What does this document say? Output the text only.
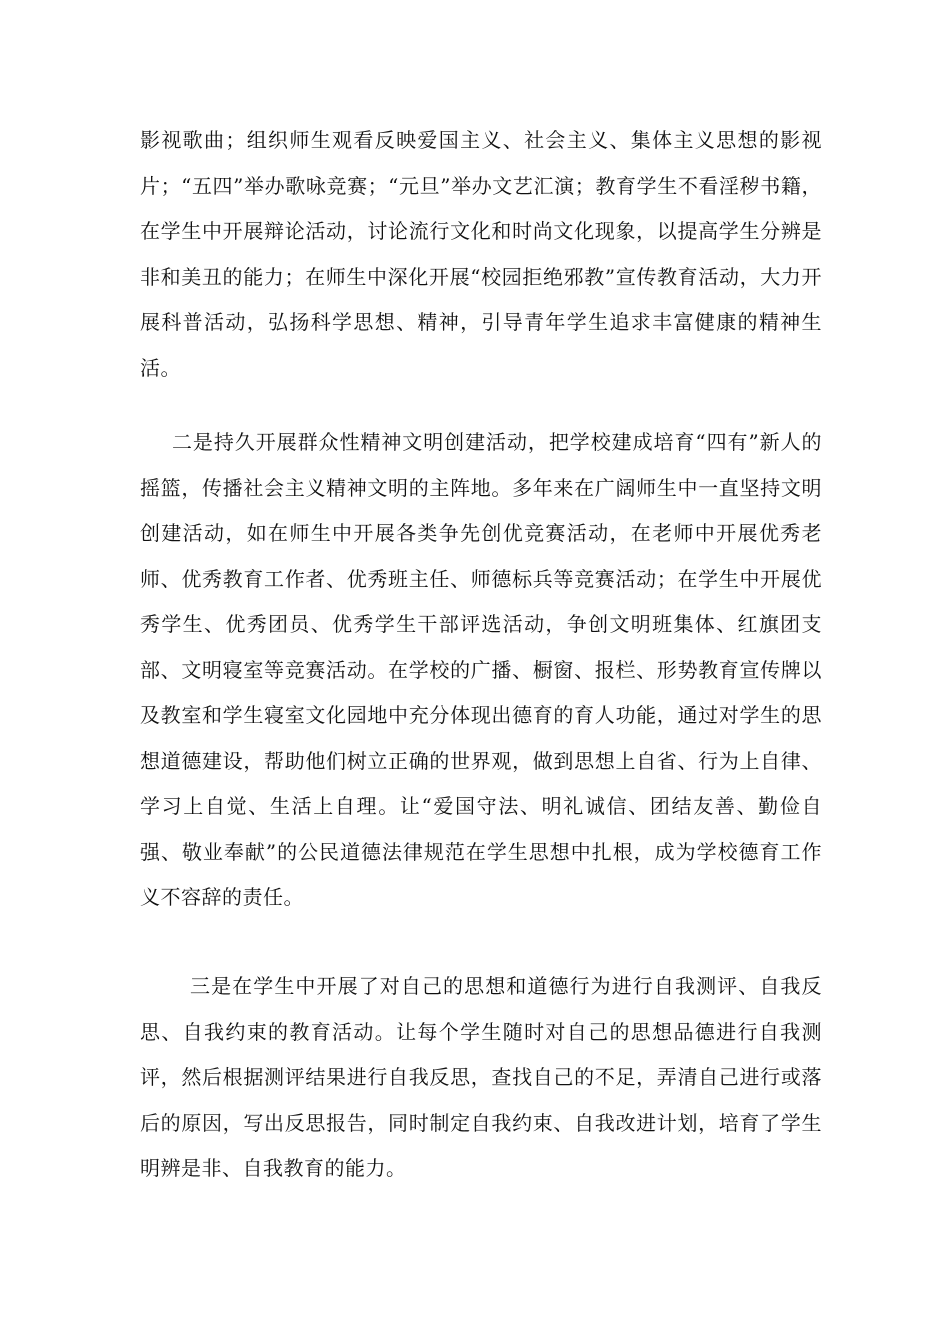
影视歌曲；组织师生观看反映爱国主义、社会主义、集体主义思想的影视片；“五四”举办歌咏竞赛；“元旦”举办文艺汇演；教育学生不看淫秽书籍，在学生中开展辩论活动，讨论流行文化和时尚文化现象，以提高学生分辨是非和美丑的能力；在师生中深化开展“校园拒绝邪教”宣传教育活动，大力开展科普活动，弘扬科学思想、精神，引导青年学生追求丰富健康的精神生活。

二是持久开展群众性精神文明创建活动，把学校建成培育“四有”新人的摇篮，传播社会主义精神文明的主阵地。多年来在广阔师生中一直坚持文明创建活动，如在师生中开展各类争先创优竞赛活动，在老师中开展优秀老师、优秀教育工作者、优秀班主任、师德标兵等竞赛活动；在学生中开展优秀学生、优秀团员、优秀学生干部评选活动，争创文明班集体、红旗团支部、文明寝室等竞赛活动。在学校的广播、橱窗、报栏、形势教育宣传牌以及教室和学生寝室文化园地中充分体现出德育的育人功能，通过对学生的思想道德建设，帮助他们树立正确的世界观，做到思想上自省、行为上自律、学习上自觉、生活上自理。让“爱国守法、明礼诚信、团结友善、勤俭自强、敬业奉献”的公民道德法律规范在学生思想中扎根，成为学校德育工作义不容辞的责任。

三是在学生中开展了对自己的思想和道德行为进行自我测评、自我反思、自我约束的教育活动。让每个学生随时对自己的思想品德进行自我测评，然后根据测评结果进行自我反思，查找自己的不足，弄清自己进行或落后的原因，写出反思报告，同时制定自我约束、自我改进计划，培育了学生明辨是非、自我教育的能力。
